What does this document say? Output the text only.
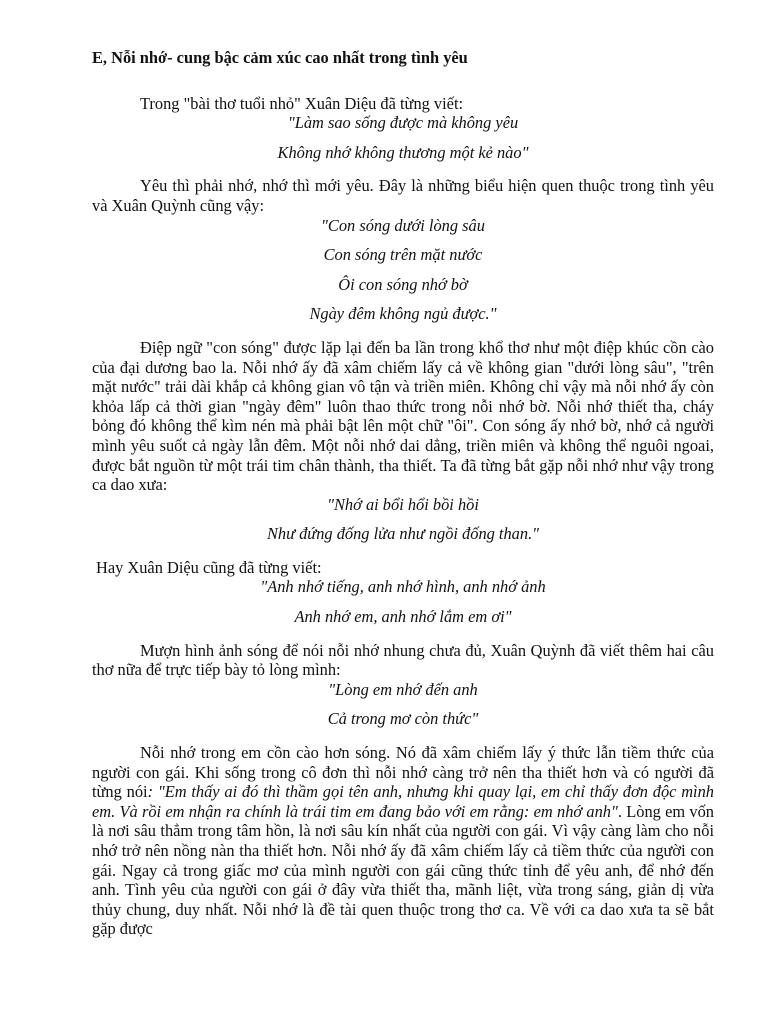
E, Nỗi nhớ- cung bậc cảm xúc cao nhất trong tình yêu

Trong "bài thơ tuổi nhỏ" Xuân Diệu đã từng viết:

"Làm sao sống được mà không yêu

Không nhớ không thương một kẻ nào"

Yêu thì phải nhớ, nhớ thì mới yêu. Đây là những biểu hiện quen thuộc trong tình yêu và Xuân Quỳnh cũng vậy:

"Con sóng dưới lòng sâu

Con sóng trên mặt nước

Ôi con sóng nhớ bờ

Ngày đêm không ngủ được."

Điệp ngữ "con sóng" được lặp lại đến ba lần trong khổ thơ như một điệp khúc cồn cào của đại dương bao la. Nỗi nhớ ấy đã xâm chiếm lấy cả về không gian "dưới lòng sâu", "trên mặt nước" trải dài khắp cả không gian vô tận và triền miên. Không chỉ vậy mà nỗi nhớ ấy còn khỏa lấp cả thời gian "ngày đêm" luôn thao thức trong nỗi nhớ bờ. Nỗi nhớ thiết tha, cháy bỏng đó không thể kìm nén mà phải bật lên một chữ "ôi". Con sóng ấy nhớ bờ, nhớ cả người mình yêu suốt cả ngày lẫn đêm. Một nỗi nhớ dai dẳng, triền miên và không thể nguôi ngoai, được bắt nguồn từ một trái tim chân thành, tha thiết. Ta đã từng bắt gặp nỗi nhớ như vậy trong ca dao xưa:

"Nhớ ai bổi hổi bồi hồi

Như đứng đống lửa như ngồi đống than."

Hay Xuân Diệu cũng đã từng viết:

"Anh nhớ tiếng, anh nhớ hình, anh nhớ ảnh

Anh nhớ em, anh nhớ lắm em ơi"

Mượn hình ảnh sóng để nói nỗi nhớ nhung chưa đủ, Xuân Quỳnh đã viết thêm hai câu thơ nữa để trực tiếp bày tỏ lòng mình:

"Lòng em nhớ đến anh

Cả trong mơ còn thức"

Nỗi nhớ trong em cồn cào hơn sóng. Nó đã xâm chiếm lấy ý thức lẫn tiềm thức của người con gái. Khi sống trong cô đơn thì nỗi nhớ càng trở nên tha thiết hơn và có người đã từng nói: "Em thấy ai đó thì thầm gọi tên anh, nhưng khi quay lại, em chỉ thấy đơn độc mình em. Và rồi em nhận ra chính là trái tim em đang bảo với em rằng: em nhớ anh". Lòng em vốn là nơi sâu thẳm trong tâm hồn, là nơi sâu kín nhất của người con gái. Vì vậy càng làm cho nỗi nhớ trở nên nồng nàn tha thiết hơn. Nỗi nhớ ấy đã xâm chiếm lấy cả tiềm thức của người con gái. Ngay cả trong giấc mơ của mình người con gái cũng thức tỉnh để yêu anh, để nhớ đến anh. Tình yêu của người con gái ở đây vừa thiết tha, mãnh liệt, vừa trong sáng, giản dị vừa thủy chung, duy nhất. Nỗi nhớ là đề tài quen thuộc trong thơ ca. Về với ca dao xưa ta sẽ bắt gặp được
